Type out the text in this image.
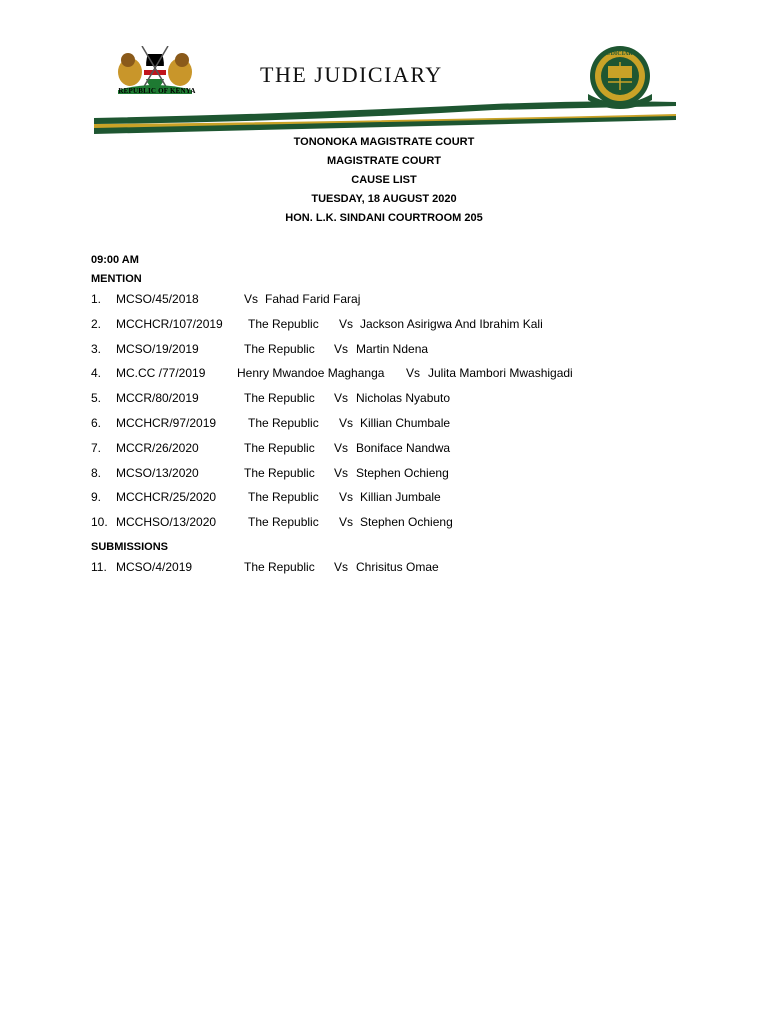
REPUBLIC OF KENYA
THE JUDICIARY
JUDICIARY
TONONOKA MAGISTRATE COURT
MAGISTRATE COURT
CAUSE LIST
TUESDAY, 18 AUGUST 2020
HON. L.K. SINDANI COURTROOM 205
09:00 AM
MENTION
1. MCSO/45/2018	Vs Fahad Farid Faraj
2. MCCHCR/107/2019 The Republic Vs Jackson Asirigwa And Ibrahim Kali
3. MCSO/19/2019	The Republic Vs Martin Ndena
4. MC.CC /77/2019	Henry Mwandoe Maghanga Vs Julita Mambori Mwashigadi
5. MCCR/80/2019	The Republic Vs Nicholas Nyabuto
6. MCCHCR/97/2019	The Republic Vs Killian Chumbale
7. MCCR/26/2020	The Republic Vs Boniface Nandwa
8. MCSO/13/2020	The Republic Vs Stephen Ochieng
9. MCCHCR/25/2020	The Republic Vs Killian Jumbale
10. MCCHSO/13/2020	The Republic Vs Stephen Ochieng
SUBMISSIONS
11. MCSO/4/2019	The Republic Vs Chrisitus Omae
